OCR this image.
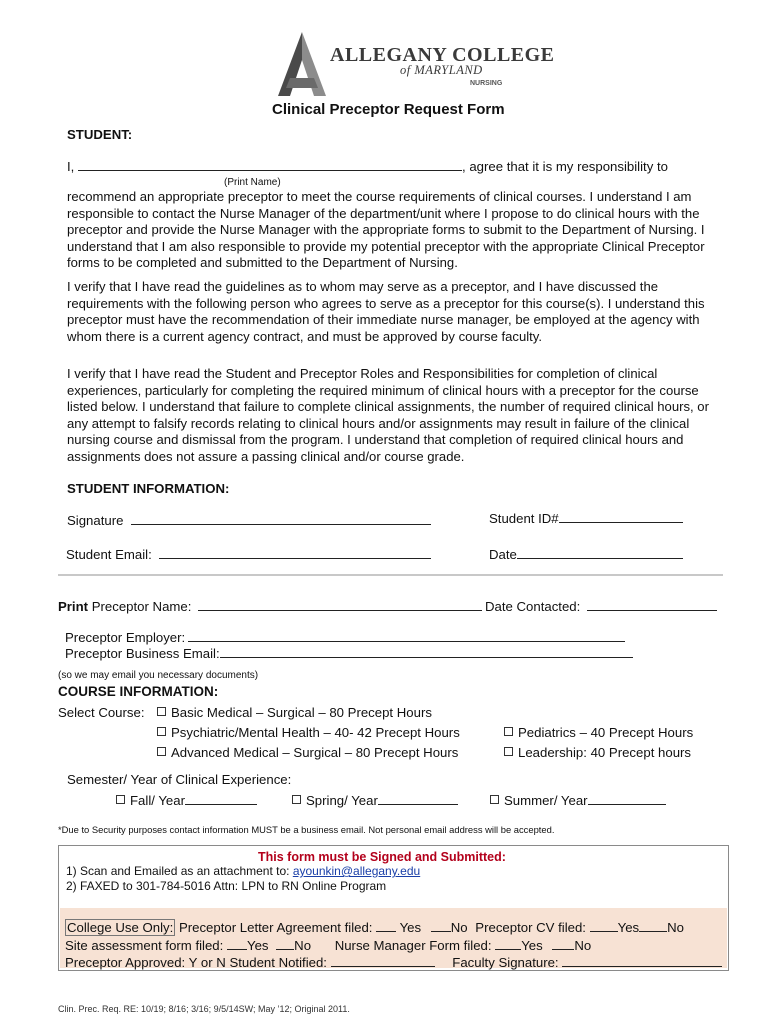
ALLEGANY COLLEGE
of MARYLAND
NURSING
Clinical Preceptor Request Form
STUDENT:
I,	, agree that it is my responsibility to
(Print Name)
recommend an appropriate preceptor to meet the course requirements of clinical courses. I understand I am responsible to contact the Nurse Manager of the department/unit where I propose to do clinical hours with the preceptor and provide the Nurse Manager with the appropriate forms to submit to the Department of Nursing. I understand that I am also responsible to provide my potential preceptor with the appropriate Clinical Preceptor forms to be completed and submitted to the Department of Nursing.
I verify that I have read the guidelines as to whom may serve as a preceptor, and I have discussed the requirements with the following person who agrees to serve as a preceptor for this course(s). I understand this preceptor must have the recommendation of their immediate nurse manager, be employed at the agency with whom there is a current agency contract, and must be approved by course faculty.
I verify that I have read the Student and Preceptor Roles and Responsibilities for completion of clinical experiences, particularly for completing the required minimum of clinical hours with a preceptor for the course listed below. I understand that failure to complete clinical assignments, the number of required clinical hours, or any attempt to falsify records relating to clinical hours and/or assignments may result in failure of the clinical nursing course and dismissal from the program. I understand that completion of required clinical hours and assignments does not assure a passing clinical and/or course grade.
STUDENT INFORMATION:
Signature	Student ID#
Student Email:	Date
Print Preceptor Name:	Date Contacted:
Preceptor Employer:
Preceptor Business Email:
(so we may email you necessary documents)
COURSE INFORMATION:
Select Course:	Basic Medical – Surgical – 80 Precept Hours
Psychiatric/Mental Health – 40- 42 Precept Hours
Advanced Medical – Surgical – 80 Precept Hours
Pediatrics – 40 Precept Hours
Leadership: 40 Precept hours
Semester/ Year of Clinical Experience:
Fall/ Year	Spring/ Year	Summer/ Year
*Due to Security purposes contact information MUST be a business email. Not personal email address will be accepted.
This form must be Signed and Submitted:
1) Scan and Emailed as an attachment to: ayounkin@allegany.edu
2) FAXED to 301-784-5016 Attn: LPN to RN Online Program
College Use Only: Preceptor Letter Agreement filed:  Yes No Preceptor CV filed: Yes No
Site assessment form filed: Yes No Nurse Manager Form filed: Yes No
Preceptor Approved: Y or N Student Notified:	Faculty Signature:
Clin. Prec. Req. RE: 10/19; 8/16; 3/16; 9/5/14SW; May ’12; Original 2011.
